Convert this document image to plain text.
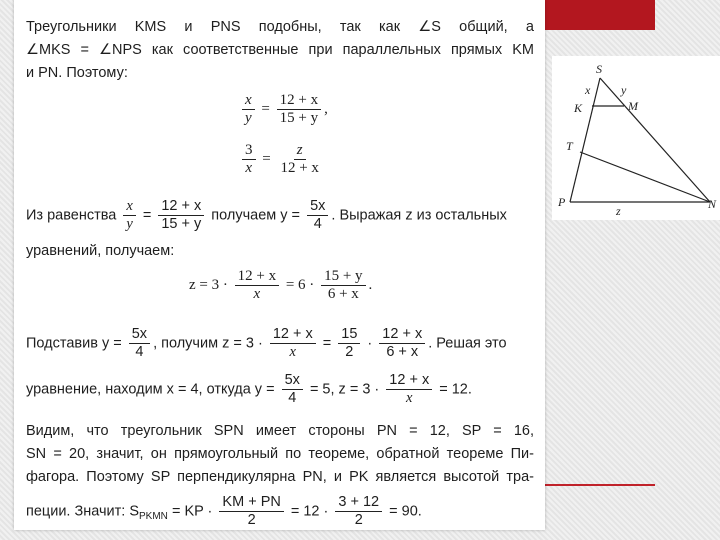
Треугольники KMS и PNS подобны, так как ∠S общий, а
∠MKS = ∠NPS как соответственные при параллельных прямых KM
и PN. Поэтому:
$\frac{x}{y} = \frac{12 + x}{15 + y}$ ,
$\frac{3}{x} = \frac{z}{12 + x}$
Из равенства $\frac{x}{y} = \frac{12 + x}{15 + y}$ получаем $y = \frac{5x}{4}$ . Выражая z из остальных
уравнений, получаем:
$z = 3 \cdot \frac{12 + x}{x} = 6 \cdot \frac{15 + y}{6 + x}$ .
Подставив $y = \frac{5x}{4}$ , получим $z = 3 \cdot \frac{12 + x}{x} = \frac{15}{2} \cdot \frac{12 + x}{6 + x}$ . Решая это
уравнение, находим x = 4, откуда $y = \frac{5x}{4} = 5$, $z = 3 \cdot \frac{12 + x}{x} = 12$.
Видим, что треугольник SPN имеет стороны PN = 12, SP = 16,
SN = 20, значит, он прямоугольный по теореме, обратной теореме Пи-
фагора. Поэтому SP перпендикулярна PN, и PK является высотой тра-
пеции. Значит: $S_{PKMN}$ = KP · $\frac{KM + PN}{2} = 12 \cdot \frac{3 + 12}{2} = 90$.
S
x	y
K	M
T
P
z	N
